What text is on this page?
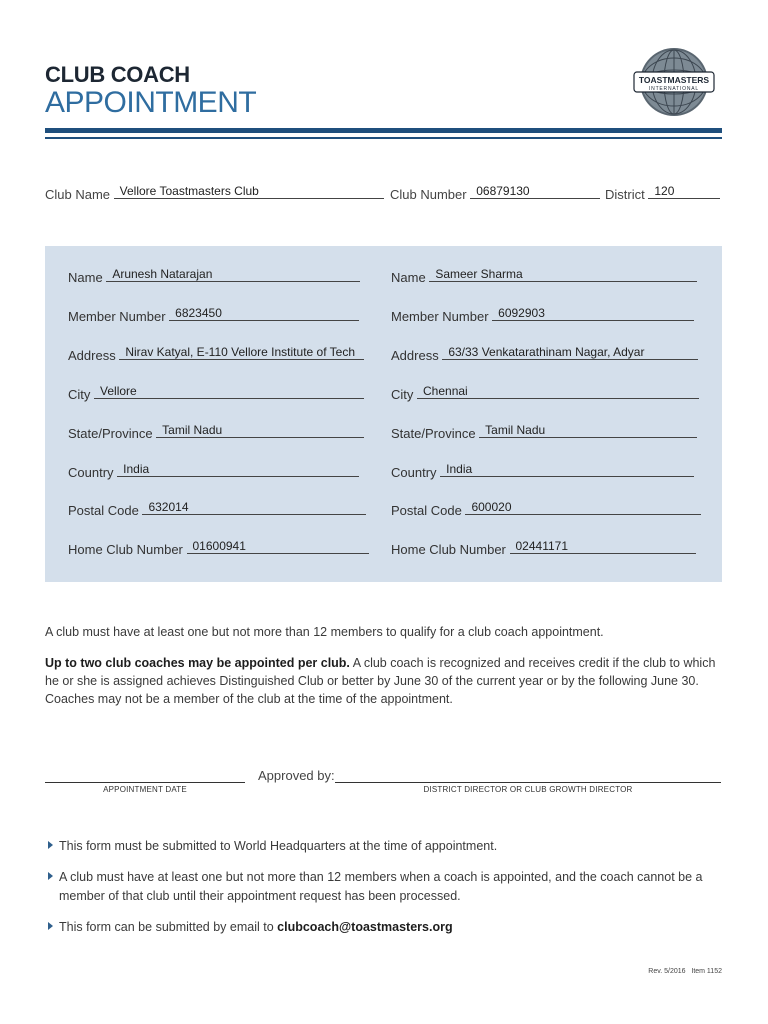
CLUB COACH
APPOINTMENT
TOASTMASTERS
INTERNATIONAL
Club Name Vellore Toastmasters Club	Club Number 06879130	District 120
Name Arunesh Natarajan
Member Number 6823450
Address Nirav Katyal, E-110 Vellore Institute of Tech
City Vellore
State/Province Tamil Nadu
Country India
Postal Code 632014
Home Club Number 01600941
Name Sameer Sharma
Member Number 6092903
Address 63/33 Venkatarathinam Nagar, Adyar
City Chennai
State/Province Tamil Nadu
Country India
Postal Code 600020
Home Club Number 02441171
A club must have at least one but not more than 12 members to qualify for a club coach appointment.
Up to two club coaches may be appointed per club. A club coach is recognized and receives credit if the club to which he or she is assigned achieves Distinguished Club or better by June 30 of the current year or by the following June 30. Coaches may not be a member of the club at the time of the appointment.
APPOINTMENT DATE
Approved by:
DISTRICT DIRECTOR OR CLUB GROWTH DIRECTOR
This form must be submitted to World Headquarters at the time of appointment.
A club must have at least one but not more than 12 members when a coach is appointed, and the coach cannot be a member of that club until their appointment request has been processed.
This form can be submitted by email to clubcoach@toastmasters.org
Rev. 5/2016 Item 1152
